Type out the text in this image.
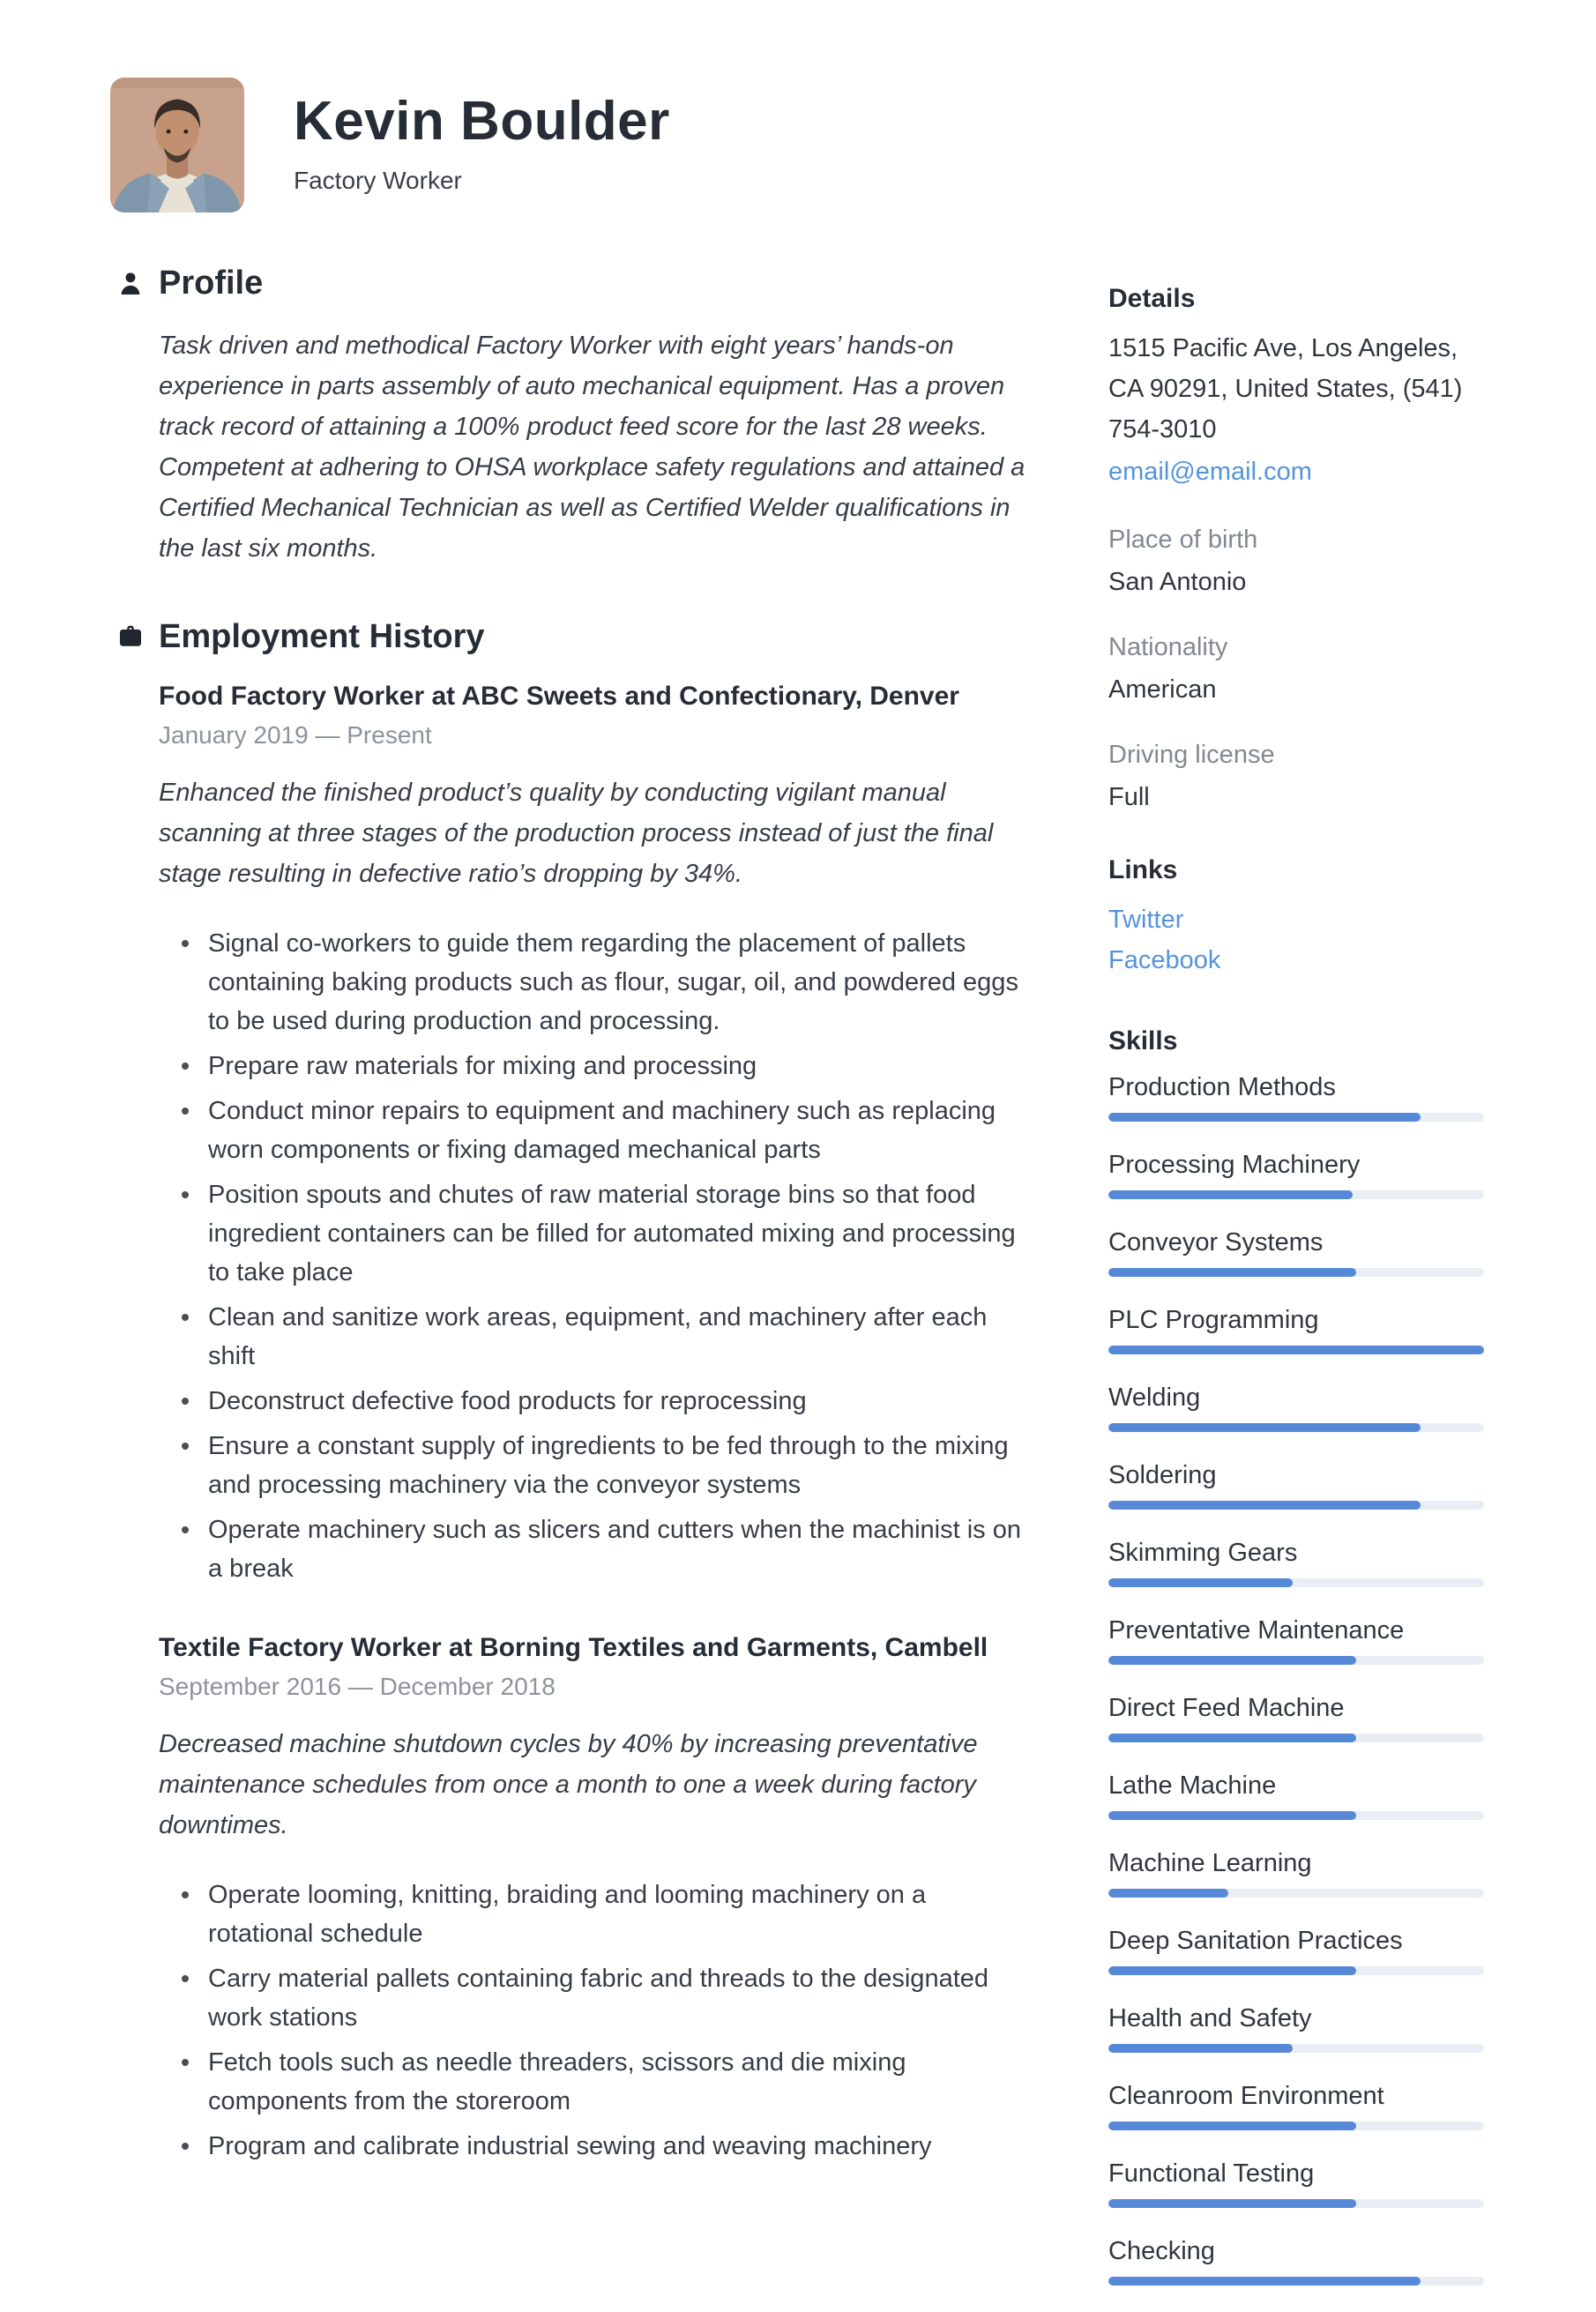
Kevin Boulder
Factory Worker
Profile

Task driven and methodical Factory Worker with eight years’ hands-on experience in parts assembly of auto mechanical equipment. Has a proven track record of attaining a 100% product feed score for the last 28 weeks. Competent at adhering to OHSA workplace safety regulations and attained a Certified Mechanical Technician as well as Certified Welder qualifications in the last six months.

Employment History
Food Factory Worker at ABC Sweets and Confectionary, Denver
January 2019 — Present

Enhanced the finished product’s quality by conducting vigilant manual scanning at three stages of the production process instead of just the final stage resulting in defective ratio’s dropping by 34%.

Signal co-workers to guide them regarding the placement of pallets containing baking products such as flour, sugar, oil, and powdered eggs to be used during production and processing.
Prepare raw materials for mixing and processing
Conduct minor repairs to equipment and machinery such as replacing worn components or fixing damaged mechanical parts
Position spouts and chutes of raw material storage bins so that food ingredient containers can be filled for automated mixing and processing to take place
Clean and sanitize work areas, equipment, and machinery after each shift
Deconstruct defective food products for reprocessing
Ensure a constant supply of ingredients to be fed through to the mixing and processing machinery via the conveyor systems
Operate machinery such as slicers and cutters when the machinist is on a break
Textile Factory Worker at Borning Textiles and Garments, Cambell
September 2016 — December 2018

Decreased machine shutdown cycles by 40% by increasing preventative maintenance schedules from once a month to one a week during factory downtimes.

Operate looming, knitting, braiding and looming machinery on a rotational schedule
Carry material pallets containing fabric and threads to the designated work stations
Fetch tools such as needle threaders, scissors and die mixing components from the storeroom
Program and calibrate industrial sewing and weaving machinery
Details
1515 Pacific Ave, Los Angeles,
CA 90291, United States, (541)
754-3010
email@email.com
Place of birth
San Antonio
Nationality
American
Driving license
Full
Links
Twitter
Facebook
Skills
Production Methods
Processing Machinery
Conveyor Systems
PLC Programming
Welding
Soldering
Skimming Gears
Preventative Maintenance
Direct Feed Machine
Lathe Machine
Machine Learning
Deep Sanitation Practices
Health and Safety
Cleanroom Environment
Functional Testing
Checking
